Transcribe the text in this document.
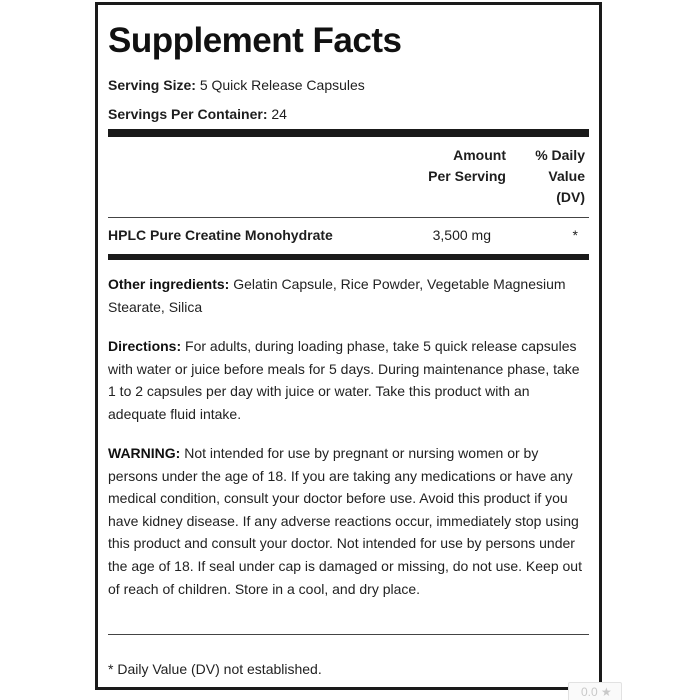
Supplement Facts
Serving Size: 5 Quick Release Capsules
Servings Per Container: 24
Amount
Per Serving
% Daily
Value
(DV)
HPLC Pure Creatine Monohydrate	3,500 mg	*
Other ingredients: Gelatin Capsule, Rice Powder, Vegetable Magnesium Stearate, Silica
Directions: For adults, during loading phase, take 5 quick release capsules with water or juice before meals for 5 days. During maintenance phase, take 1 to 2 capsules per day with juice or water. Take this product with an adequate fluid intake.
WARNING: Not intended for use by pregnant or nursing women or by persons under the age of 18. If you are taking any medications or have any medical condition, consult your doctor before use. Avoid this product if you have kidney disease. If any adverse reactions occur, immediately stop using this product and consult your doctor. Not intended for use by persons under the age of 18. If seal under cap is damaged or missing, do not use. Keep out of reach of children. Store in a cool, and dry place.
* Daily Value (DV) not established.
0.0 ★
